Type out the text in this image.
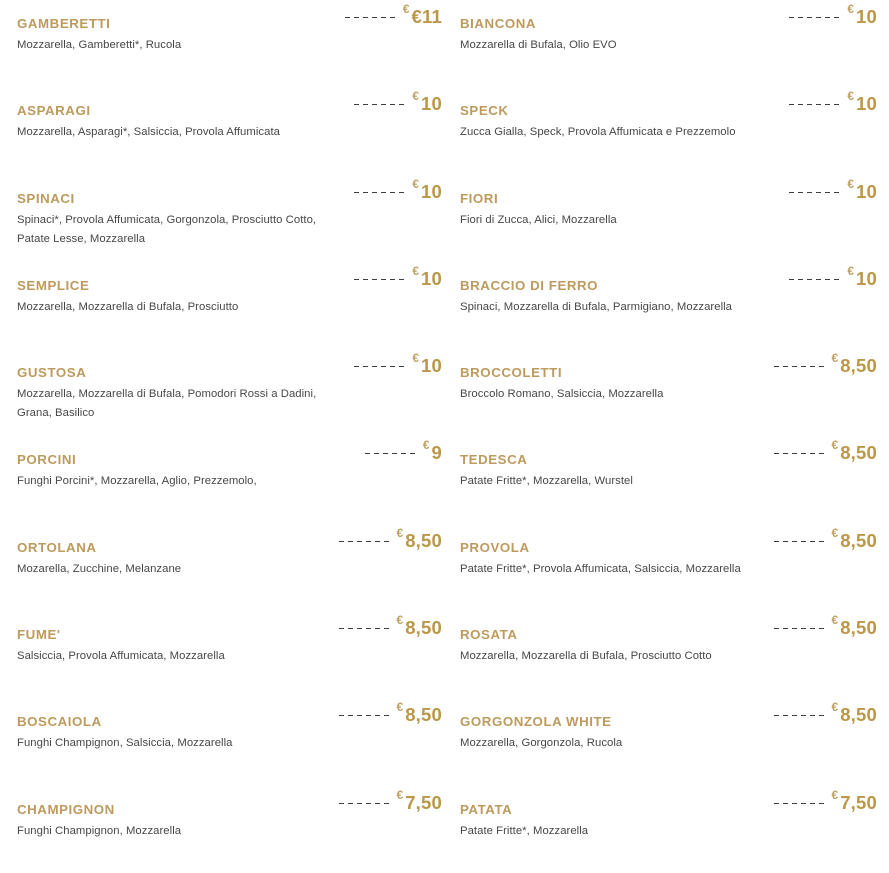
GAMBERETTI
€ €11
Mozzarella, Gamberetti*, Rucola
ASPARAGI
€ 10
Mozzarella, Asparagi*, Salsiccia, Provola Affumicata
SPINACI
€ 10
Spinaci*, Provola Affumicata, Gorgonzola, Prosciutto Cotto, Patate Lesse, Mozzarella
SEMPLICE
€ 10
Mozzarella, Mozzarella di Bufala, Prosciutto
GUSTOSA
€ 10
Mozzarella, Mozzarella di Bufala, Pomodori Rossi a Dadini, Grana, Basilico
PORCINI
€ 9
Funghi Porcini*, Mozzarella, Aglio, Prezzemolo,
ORTOLANA
€ 8,50
Mozarella, Zucchine, Melanzane
FUME'
€ 8,50
Salsiccia, Provola Affumicata, Mozzarella
BOSCAIOLA
€ 8,50
Funghi Champignon, Salsiccia, Mozzarella
CHAMPIGNON
€ 7,50
Funghi Champignon, Mozzarella
BIANCONA
€ 10
Mozzarella di Bufala, Olio EVO
SPECK
€ 10
Zucca Gialla, Speck, Provola Affumicata e Prezzemolo
FIORI
€ 10
Fiori di Zucca, Alici, Mozzarella
BRACCIO DI FERRO
€ 10
Spinaci, Mozzarella di Bufala, Parmigiano, Mozzarella
BROCCOLETTI
€ 8,50
Broccolo Romano, Salsiccia, Mozzarella
TEDESCA
€ 8,50
Patate Fritte*, Mozzarella, Wurstel
PROVOLA
€ 8,50
Patate Fritte*, Provola Affumicata, Salsiccia, Mozzarella
ROSATA
€ 8,50
Mozzarella, Mozzarella di Bufala, Prosciutto Cotto
GORGONZOLA WHITE
€ 8,50
Mozzarella, Gorgonzola, Rucola
PATATA
€ 7,50
Patate Fritte*, Mozzarella
